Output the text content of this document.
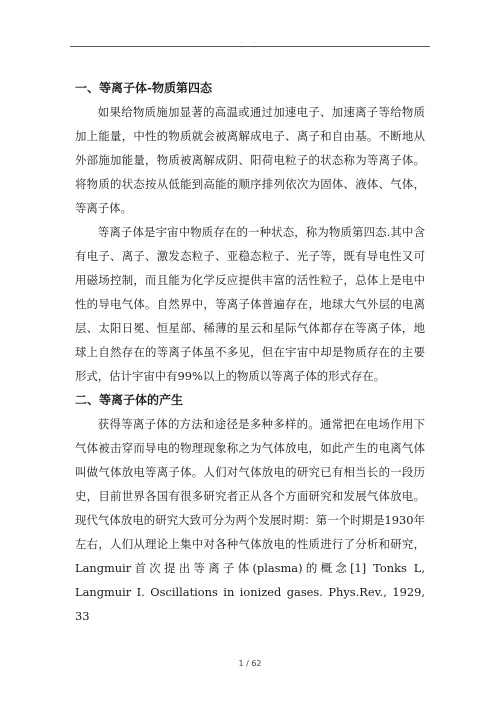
. .
一、等离子体-物质第四态

如果给物质施加显著的高温或通过加速电子、加速离子等给物质加上能量，中性的物质就会被离解成电子、离子和自由基。不断地从外部施加能量，物质被离解成阴、阳荷电粒子的状态称为等离子体。将物质的状态按从低能到高能的顺序排列依次为固体、液体、气体，等离子体。

等离子体是宇宙中物质存在的一种状态，称为物质第四态.其中含有电子、离子、激发态粒子、亚稳态粒子、光子等，既有导电性又可用磁场控制，而且能为化学反应提供丰富的活性粒子，总体上是电中性的导电气体。自然界中，等离子体普遍存在，地球大气外层的电离层、太阳日冕、恒星部、稀薄的星云和星际气体都存在等离子体，地球上自然存在的等离子体虽不多见，但在宇宙中却是物质存在的主要形式，估计宇宙中有99%以上的物质以等离子体的形式存在。

二、等离子体的产生

获得等离子体的方法和途径是多种多样的。通常把在电场作用下气体被击穿而导电的物理现象称之为气体放电，如此产生的电离气体叫做气体放电等离子体。人们对气体放电的研究已有相当长的一段历史，目前世界各国有很多研究者正从各个方面研究和发展气体放电。现代气体放电的研究大致可分为两个发展时期：第一个时期是1930年左右，人们从理论上集中对各种气体放电的性质进行了分析和研究，Langmuir首次提出等离子体(plasma)的概念[1] Tonks L, Langmuir I. Oscillations in ionized gases. Phys.Rev., 1929, 33

1 / 62
